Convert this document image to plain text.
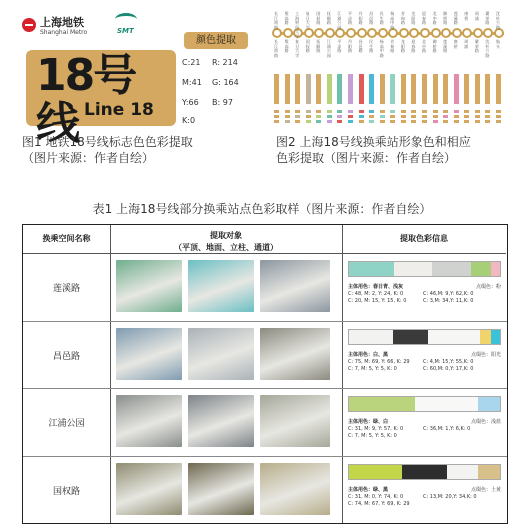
上海地铁
Shanghai Metro	SMT
18号线 Line 18
颜色提取
C:21
M:41
Y:66
K:0
R: 214
G: 164
B: 97
图1 地铁18号线标志色色彩提取
（图片来源：作者自绘）
长江南路
殷高路
上海财经大学
复旦大学
国权路
抚顺路
江浦公园
平凉路
丹阳路
昌邑路
民生路
杨高中路
芳甸路
龙阳路
迎春路
北中路
御桥路
莲溪路
康桥
周浦
繁荣路
沈杜公路
长江南路
殷高路
复旦大学
国权路
抚顺路
江浦公园
平凉路
丹阳路
昌邑路
民生路
杨高中路
芳甸路
龙阳路
迎春路
北中路
御桥路
莲溪路
康桥
周浦
繁荣路
沈杜公路
航头
图2 上海18号线换乘站形象色和相应
色彩提取（图片来源：作者自绘）
表1 上海18号线部分换乘站点色彩取样（图片来源：作者自绘）
换乘空间名称	提取对象
（平顶、地面、立柱、通道）
提取色彩信息
莲溪路	主体用色：春日青、浅灰	点缀色：粉
C: 48, M: 2, Y: 24, K: 0
C: 20, M: 15, Y: 15, K: 0
C: 46,M: 9,Y: 62,K: 0
C: 3,M: 34,Y: 11,K: 0
昌邑路	主体用色：白、黑	点缀色：阳光
C: 75, M: 69, Y: 66, K: 29
C: 7, M: 5, Y: 5, K: 0
C: 4,M: 15,Y: 55,K: 0
C: 60,M: 0,Y: 17,K: 0
江浦公园	主体用色：绿、白	点缀色：浅蓝
C: 31, M: 9, Y: 57, K: 0
C: 7, M: 5, Y: 5, K: 0
C: 36,M: 1,Y: 6,K: 0
国权路	主体用色：绿、黑	点缀色：土黄
C: 31, M: 0, Y: 74, K: 0
C: 74, M: 67, Y: 69, K: 29
C: 13,M: 20,Y: 34,K: 0
